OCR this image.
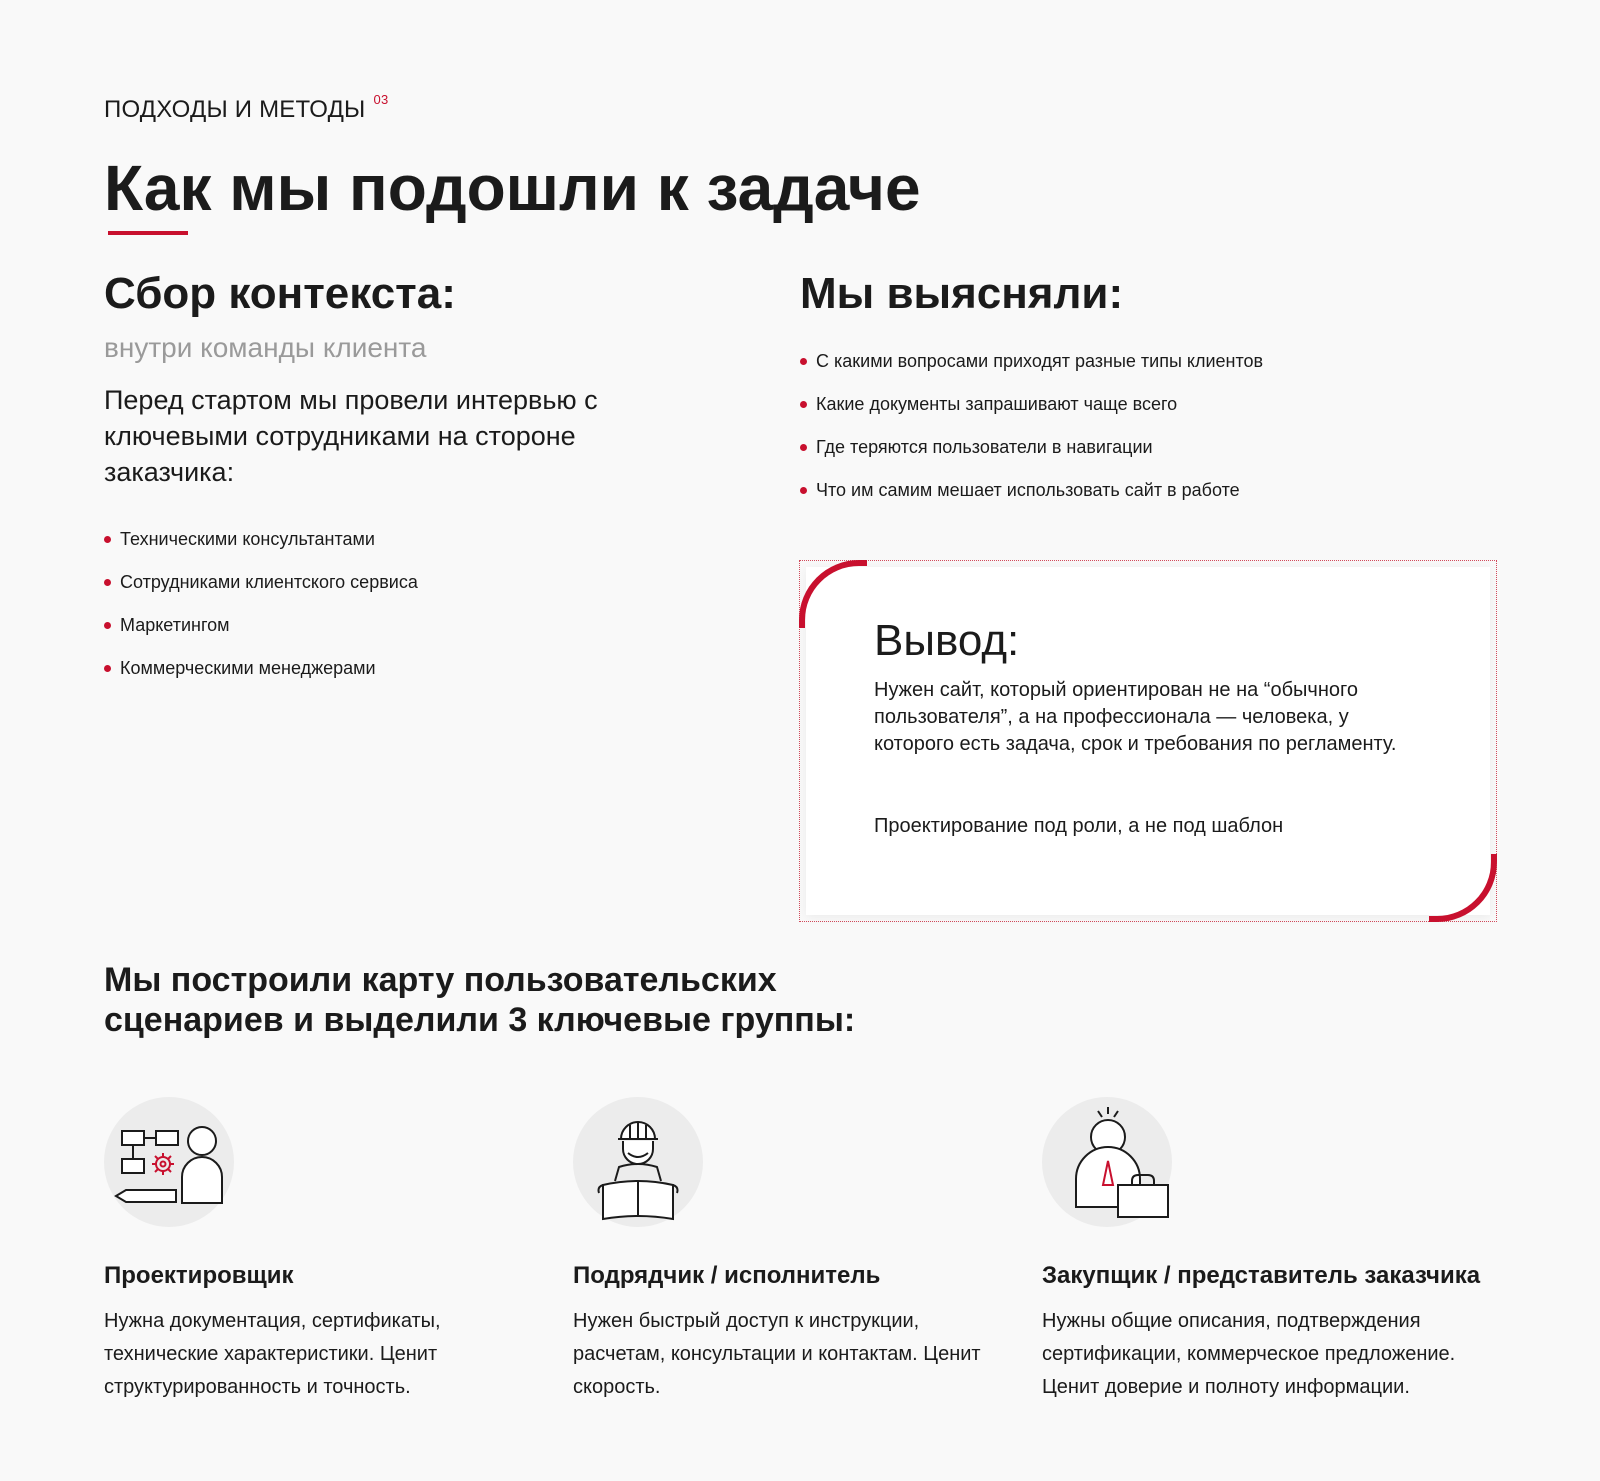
ПОДХОДЫ И МЕТОДЫ $^{03}$
Как мы подошли к задаче
Сбор контекста:
внутри команды клиента

Перед стартом мы провели интервью с ключевыми сотрудниками на стороне заказчика:

Техническими консультантами
Сотрудниками клиентского сервиса
Маркетингом
Коммерческими менеджерами
Мы выясняли:
С какими вопросами приходят разные типы клиентов
Какие документы запрашивают чаще всего
Где теряются пользователи в навигации
Что им самим мешает использовать сайт в работе
Вывод:

Нужен сайт, который ориентирован не на “обычного пользователя”, а на профессионала — человека, у которого есть задача, срок и требования по регламенту.

Проектирование под роли, а не под шаблон

Мы построили карту пользовательских сценариев и выделили 3 ключевые группы:
Проектировщик

Нужна документация, сертификаты, технические характеристики. Ценит структурированность и точность.

Подрядчик / исполнитель

Нужен быстрый доступ к инструкции, расчетам, консультации и контактам. Ценит скорость.

Закупщик / представитель заказчика

Нужны общие описания, подтверждения сертификации, коммерческое предложение. Ценит доверие и полноту информации.
